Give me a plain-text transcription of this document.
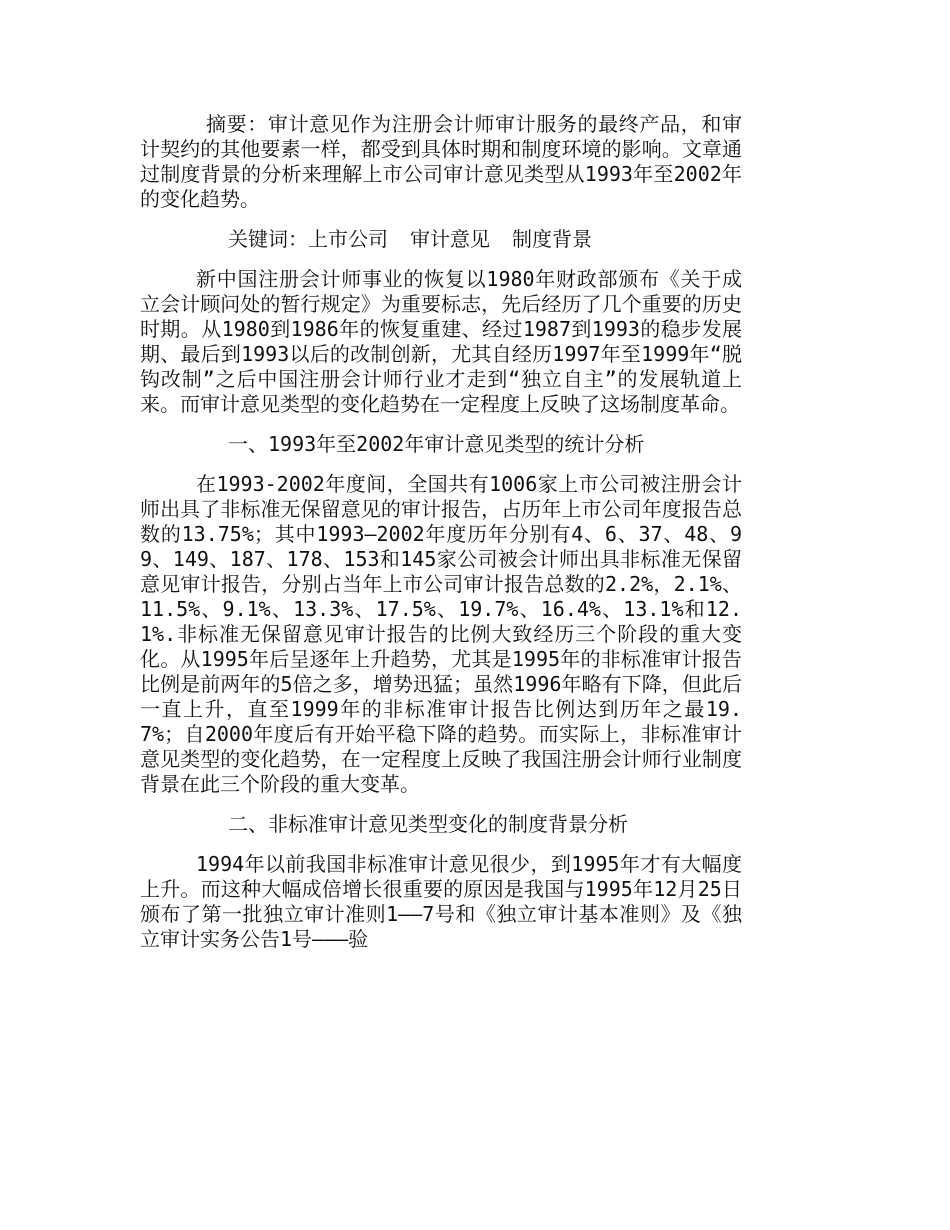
摘要：审计意见作为注册会计师审计服务的最终产品，和审计契约的其他要素一样，都受到具体时期和制度环境的影响。文章通过制度背景的分析来理解上市公司审计意见类型从1993年至2002年的变化趋势。

关键词：上市公司 审计意见 制度背景

新中国注册会计师事业的恢复以1980年财政部颁布《关于成立会计顾问处的暂行规定》为重要标志，先后经历了几个重要的历史时期。从1980到1986年的恢复重建、经过1987到1993的稳步发展期、最后到1993以后的改制创新，尤其自经历1997年至1999年“脱钩改制”之后中国注册会计师行业才走到“独立自主”的发展轨道上来。而审计意见类型的变化趋势在一定程度上反映了这场制度革命。

一、1993年至2002年审计意见类型的统计分析

在1993-2002年度间，全国共有1006家上市公司被注册会计师出具了非标准无保留意见的审计报告，占历年上市公司年度报告总数的13.75%；其中1993—2002年度历年分别有4、6、37、48、99、149、187、178、153和145家公司被会计师出具非标准无保留意见审计报告，分别占当年上市公司审计报告总数的2.2%，2.1%、11.5%、9.1%、13.3%、17.5%、19.7%、16.4%、13.1%和12.1%.非标准无保留意见审计报告的比例大致经历三个阶段的重大变化。从1995年后呈逐年上升趋势，尤其是1995年的非标准审计报告比例是前两年的5倍之多，增势迅猛；虽然1996年略有下降，但此后一直上升，直至1999年的非标准审计报告比例达到历年之最19.7%；自2000年度后有开始平稳下降的趋势。而实际上，非标准审计意见类型的变化趋势，在一定程度上反映了我国注册会计师行业制度背景在此三个阶段的重大变革。

二、非标准审计意见类型变化的制度背景分析

1994年以前我国非标准审计意见很少，到1995年才有大幅度上升。而这种大幅成倍增长很重要的原因是我国与1995年12月25日颁布了第一批独立审计准则1——7号和《独立审计基本准则》及《独立审计实务公告1号———验
